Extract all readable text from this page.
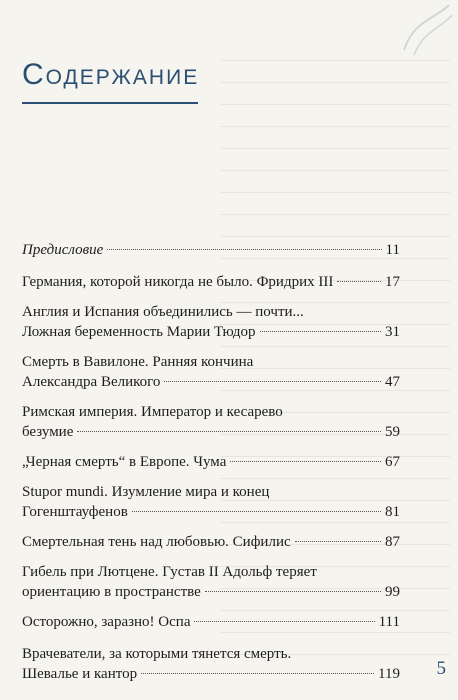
Содержание
Предисловие	11
Германия, которой никогда не было. Фридрих III	17
Англия и Испания объединились — почти...
Ложная беременность Марии Тюдор	31
Смерть в Вавилоне. Ранняя кончина
Александра Великого	47
Римская империя. Император и кесарево
безумие	59
„Черная смерть“ в Европе. Чума	67
Stupor mundi. Изумление мира и конец
Гогенштауфенов	81
Смертельная тень над любовью. Сифилис	87
Гибель при Лютцене. Густав II Адольф теряет
ориентацию в пространстве	99
Осторожно, заразно! Оспа	111
Врачеватели, за которыми тянется смерть.
Шевалье и кантор	119 5
